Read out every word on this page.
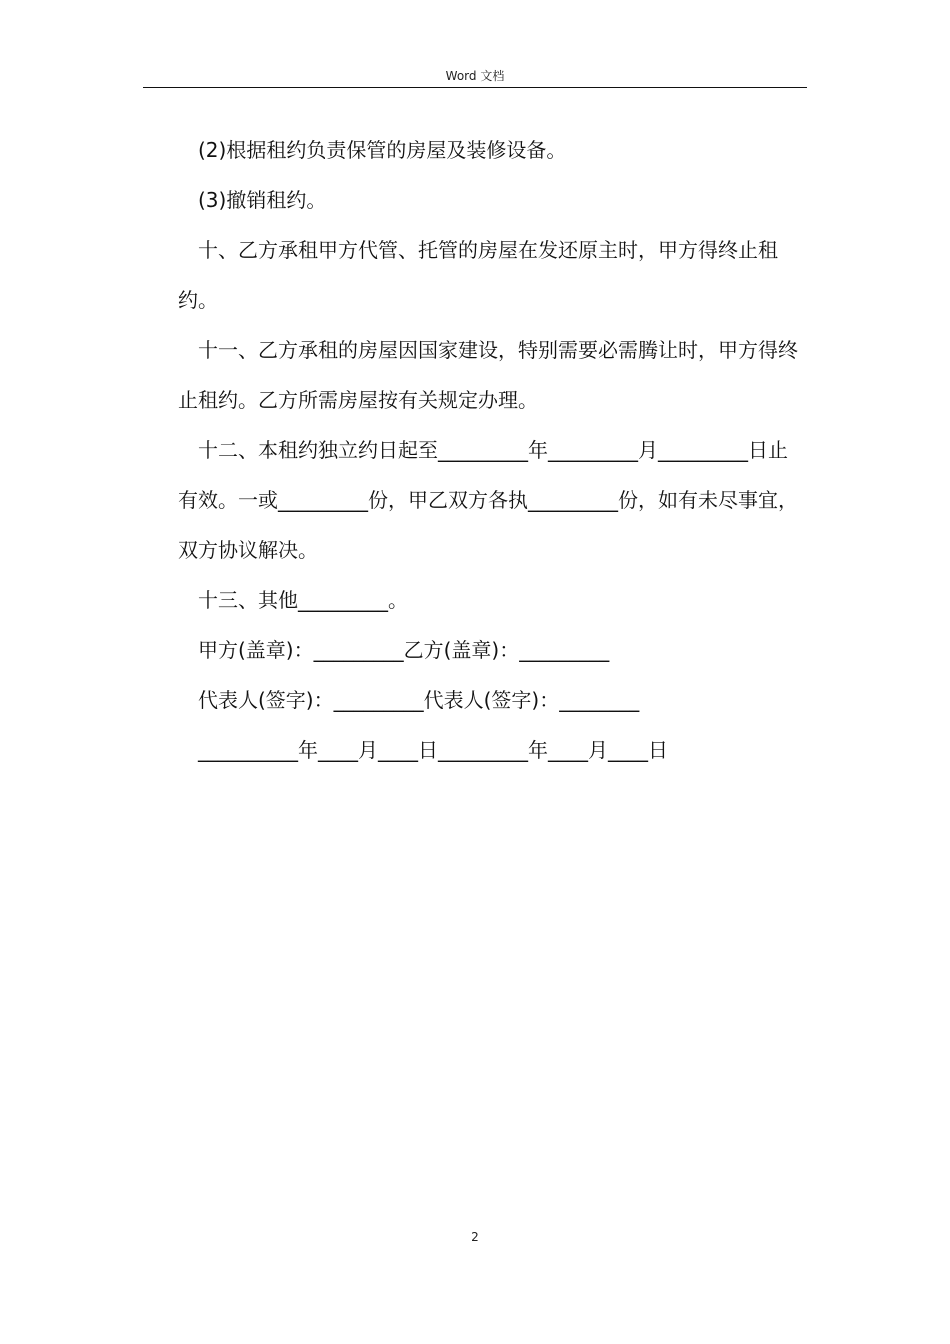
Word 文档

(2)根据租约负责保管的房屋及装修设备。

(3)撤销租约。

十、乙方承租甲方代管、托管的房屋在发还原主时，甲方得终止租约。

十一、乙方承租的房屋因国家建设，特别需要必需腾让时，甲方得终止租约。乙方所需房屋按有关规定办理。

十二、本租约独立约日起至_________年_________月_________日止有效。一或_________份，甲乙双方各执_________份，如有未尽事宜，双方协议解决。

十三、其他_________。

甲方(盖章)：_________乙方(盖章)：_________

代表人(签字)：_________代表人(签字)：________

__________年____月____日_________年____月____日

2
